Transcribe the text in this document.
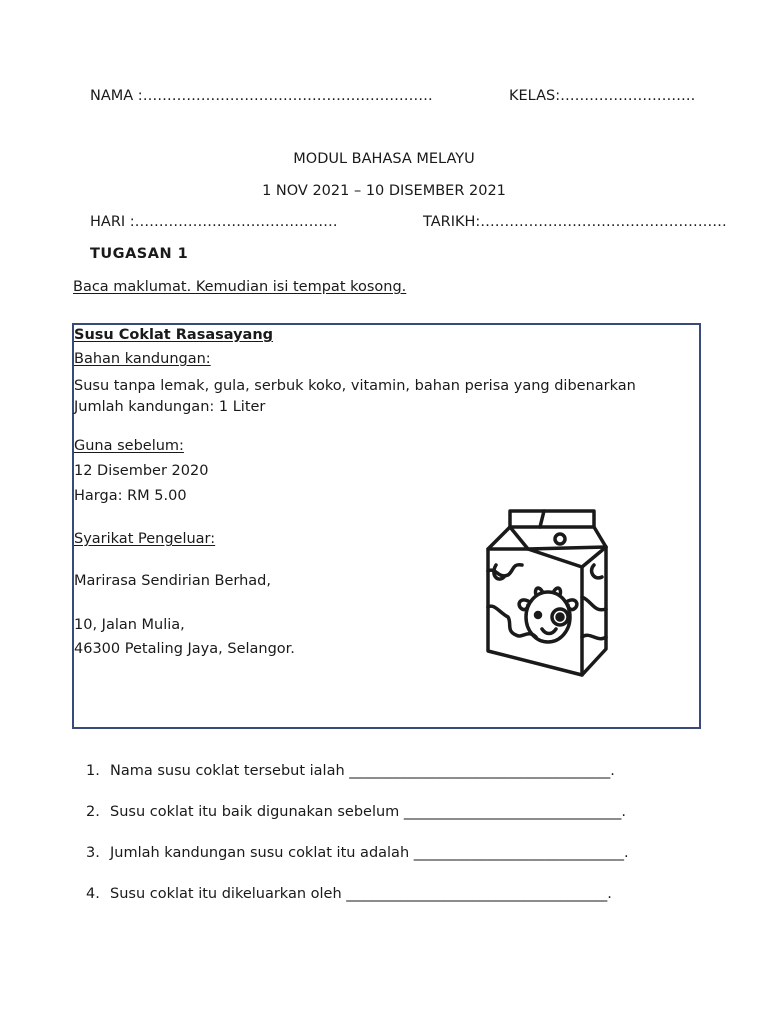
NAMA :……………………………………………………	KELAS:……………………….
MODUL BAHASA MELAYU
1 NOV 2021 – 10 DISEMBER 2021
HARI :……………………………………	TARIKH:……………………………………………
TUGASAN 1
Baca maklumat. Kemudian isi tempat kosong.
Susu Coklat Rasasayang
Bahan kandungan:
Susu tanpa lemak, gula, serbuk koko, vitamin, bahan perisa yang dibenarkan
Jumlah kandungan: 1 Liter
Guna sebelum:
12 Disember 2020
Harga: RM 5.00
Syarikat Pengeluar:
Marirasa Sendirian Berhad,
10, Jalan Mulia,
46300 Petaling Jaya, Selangor.
1. Nama susu coklat tersebut ialah ____________________________________.
2. Susu coklat itu baik digunakan sebelum ______________________________.
3. Jumlah kandungan susu coklat itu adalah _____________________________.
4. Susu coklat itu dikeluarkan oleh ____________________________________.
